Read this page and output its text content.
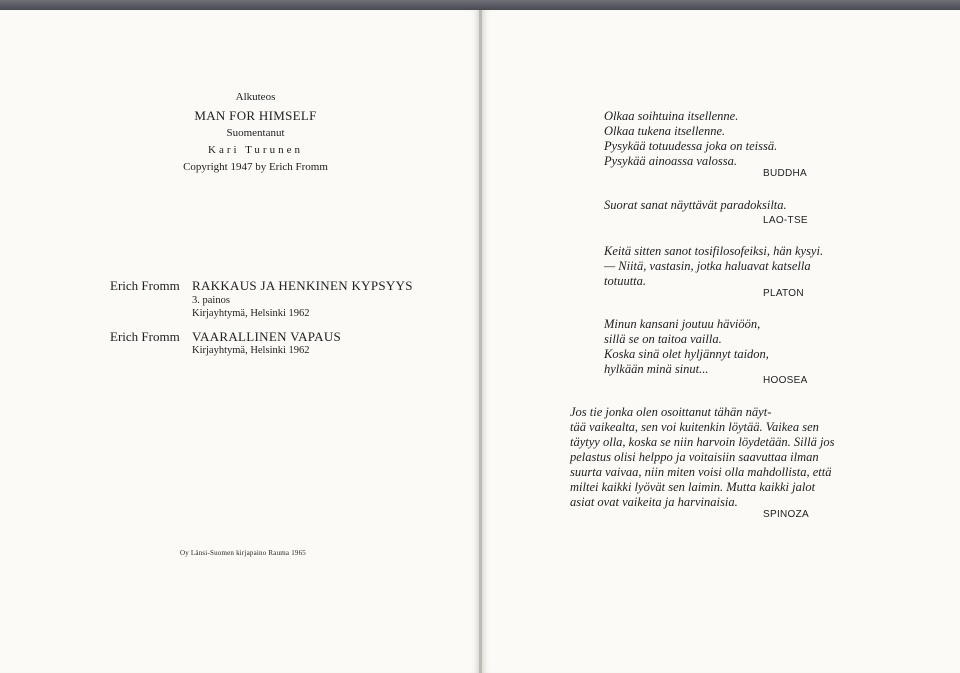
Alkuteos
MAN FOR HIMSELF
Suomentanut
Kari Turunen
Copyright 1947 by Erich Fromm
Erich Fromm RAKKAUS JA HENKINEN KYPSYYS
3. painos
Kirjayhtymä, Helsinki 1962
Erich Fromm VAARALLINEN VAPAUS
Kirjayhtymä, Helsinki 1962
Oy Länsi-Suomen kirjapaino Rauma 1965
Olkaa soihtuina itsellenne.
Olkaa tukena itsellenne.
Pysykää totuudessa joka on teissä.
Pysykää ainoassa valossa.
BUDDHA
Suorat sanat näyttävät paradoksilta.
LAO-TSE
Keitä sitten sanot tosifilosofeiksi, hän kysyi.
— Niitä, vastasin, jotka haluavat katsella
totuutta.
PLATON
Minun kansani joutuu häviöön,
sillä se on taitoa vailla.
Koska sinä olet hyljännyt taidon,
hylkään minä sinut...
HOOSEA
Jos tie jonka olen osoittanut tähän näyt-
tää vaikealta, sen voi kuitenkin löytää. Vaikea sen
täytyy olla, koska se niin harvoin löydetään. Sillä jos
pelastus olisi helppo ja voitaisiin saavuttaa ilman
suurta vaivaa, niin miten voisi olla mahdollista, että
miltei kaikki lyövät sen laimin. Mutta kaikki jalot
asiat ovat vaikeita ja harvinaisia.
SPINOZA
